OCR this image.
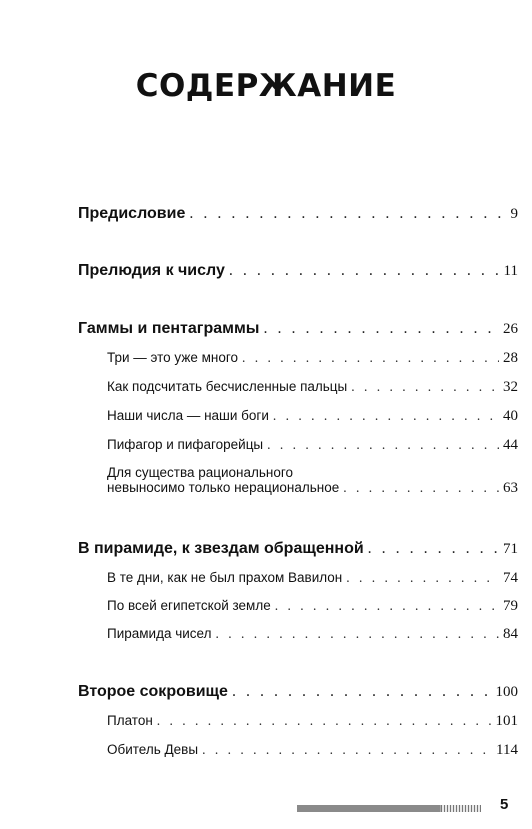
СОДЕРЖАНИЕ
Предисловие . . .	9
Прелюдия к числу . . .	11
Гаммы и пентаграммы . . .	26
Три — это уже много . . .	28
Как подсчитать бесчисленные пальцы . . .	32
Наши числа — наши боги . . .	40
Пифагор и пифагорейцы . . .	44
Для существа рационального
невыносимо только нерациональное . . .	63
В пирамиде, к звездам обращенной . . .	71
В те дни, как не был прахом Вавилон . . .	74
По всей египетской земле . . .	79
Пирамида чисел . . .	84
Второе сокровище . . .	100
Платон . . .	101
Обитель Девы . . .	114
5
